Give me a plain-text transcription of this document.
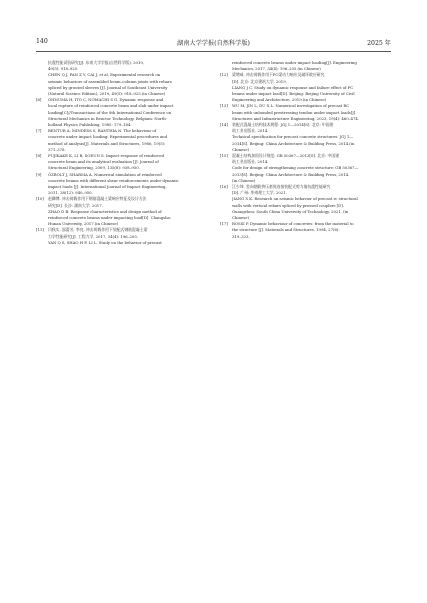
140	湖南大学学报(自然科学版)	2025 年
抗震性能试验研究[J]. 东南大学学报(自然科学版), 2019,
49(5): 918–925.
CHEN Q J, PAN Z Y, CAI J, et al. Experimental research on
seismic behaviors of assembled beam–column joints with rebars
spliced by grouted sleeves [J]. Journal of Southeast University
(Natural Science Edition), 2019, 49(5): 918–925.(in Chinese)
[6] OHNUMA H, ITO C, NOMACHI S G. Dynamic response and
local rupture of reinforced concrete beam and slab under impact
loading[C]//Transactions of the 8th International Conference on
Structural Mechanics in Reactor Technology. Belgium: North-
holland Physics Publishing, 1985: 179–184.
[7] BENTUR A, MINDESS S, BANTHIA N. The behaviour of
concrete under impact loading: Experimental procedures and
method of analysis[J]. Materials and Structures, 1986, 19(5):
371–378.
[8] FUJIKAKE K, LI B, SOEUN S. Impact response of reinforced
concrete beam and its analytical evaluation [J]. Journal of
Structural Engineering, 2009, 135(8): 938–950.
[9] ÖZBOLT J, SHARMA A. Numerical simulation of reinforced
concrete beams with different shear reinforcements under dynamic
impact loads [J]. International Journal of Impact Engineering,
2011, 38(12): 940–950.
[10] 赵卿博. 冲击荷载作用下钢筋混凝土梁响应特征及设计方法
研究[D]. 长沙: 湖南大学, 2017.
ZHAO D B. Response characteristics and design method of
reinforced concrete beams under impacting load[D]. Changsha:
Hunan University, 2017.(in Chinese)
[11] 闫秋实, 邵蕾芳, 李亮. 冲击荷载作用下装配式钢筋混凝土梁
力学性能研究[J]. 工程力学, 2017, 34(4): 196–205.
YAN Q S, SHAO H F, LI L. Study on the behavior of precast
reinforced concrete beams under impact loading[J]. Engineering
Mechanics, 2017, 34(4): 196–205.(in Chinese)
[12] 梁增威. 冲击荷载作用下PC梁动力响应及破坏败应研究
[D]. 北京: 北京建筑大学, 2019.
LIANG J C. Study on dynamic response and failure effect of PC
beams under impact load[D]. Beijing: Beijing University of Civil
Engineering and Architecture, 2019.(in Chinese)
[13] WU M, JIN L, DU X L. Numerical investigation of precast RC
beam with unbonded prestressing tendon under impact loads[J].
Structures and Infrastructure Engineering, 2023, 19(4): 460–474.
[14] 装配式混凝土结构技术规程: JGJ 1—2014[S]. 北京: 中国建
筑工业出版社, 2014.
Technical specification for precast concrete structures: JGJ 1—
2014[S]. Beijing: China Architecture & Building Press, 2014.(in
Chinese)
[15] 混凝土结构加固设计规范: GB 50367—2013[S]. 北京: 中国建
筑工业出版社, 2014.
Code for design of strengthening concrete structure: GB 50367—
2013[S]. Beijing: China Architecture & Building Press, 2014.
(in Chinese)
[16] 江少坤. 竖向钢筋挤压套筒连接装配式剪力墙抗震性能研究
[D]. 广州: 华南理工大学, 2021.
JIANG S K. Research on seismic behavior of precast rc structural
walls with vertical rebars spliced by pressed couplers [D].
Guangzhou: South China University of Technology, 2021. (in
Chinese)
[17] ROSSI P. Dynamic behaviour of concretes: from the material to
the structure [J]. Materials and Structures, 1994, 27(6):
319–323.
